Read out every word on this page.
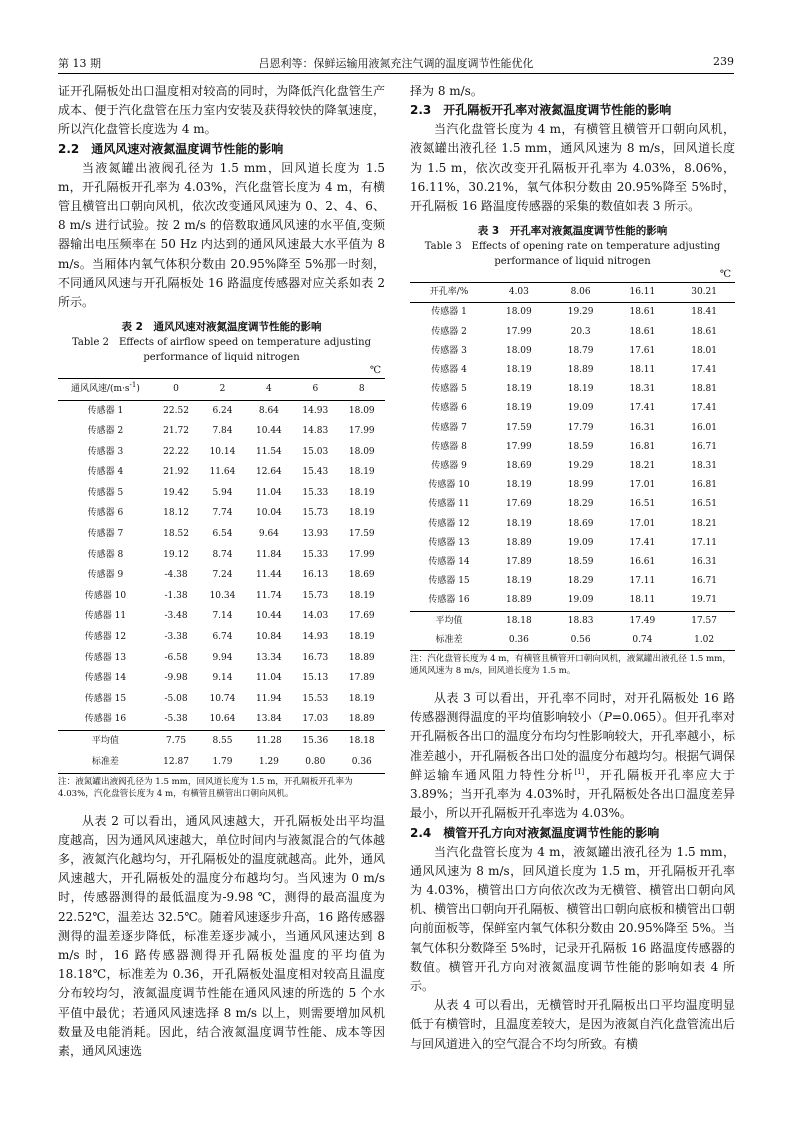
第 13 期	吕恩利等：保鲜运输用液氮充注气调的温度调节性能优化	239

证开孔隔板处出口温度相对较高的同时，为降低汽化盘管生产成本、便于汽化盘管在压力室内安装及获得较快的降氧速度，所以汽化盘管长度选为 4 m。

2.2　通风风速对液氮温度调节性能的影响

当液氮罐出液阀孔径为 1.5 mm，回风道长度为 1.5 m，开孔隔板开孔率为 4.03%，汽化盘管长度为 4 m，有横管且横管出口朝向风机，依次改变通风风速为 0、2、4、6、8 m/s 进行试验。按 2 m/s 的倍数取通风风速的水平值,变频器输出电压频率在 50 Hz 内达到的通风风速最大水平值为 8 m/s。当厢体内氧气体积分数由 20.95%降至 5%那一时刻，不同通风风速与开孔隔板处 16 路温度传感器对应关系如表 2 所示。

表 2　通风风速对液氮温度调节性能的影响
Table 2　Effects of airflow speed on temperature adjusting
performance of liquid nitrogen
℃
通风风速$/(m\cdot s^{-1})$	0	2	4	6	8
传感器 1	22.52	6.24	8.64	14.93	18.09
传感器 2	21.72	7.84	10.44	14.83	17.99
传感器 3	22.22	10.14	11.54	15.03	18.09
传感器 4	21.92	11.64	12.64	15.43	18.19
传感器 5	19.42	5.94	11.04	15.33	18.19
传感器 6	18.12	7.74	10.04	15.73	18.19
传感器 7	18.52	6.54	9.64	13.93	17.59
传感器 8	19.12	8.74	11.84	15.33	17.99
传感器 9	-4.38	7.24	11.44	16.13	18.69
传感器 10	-1.38	10.34	11.74	15.73	18.19
传感器 11	-3.48	7.14	10.44	14.03	17.69
传感器 12	-3.38	6.74	10.84	14.93	18.19
传感器 13	-6.58	9.94	13.34	16.73	18.89
传感器 14	-9.98	9.14	11.04	15.13	17.89
传感器 15	-5.08	10.74	11.94	15.53	18.19
传感器 16	-5.38	10.64	13.84	17.03	18.89
平均值	7.75	8.55	11.28	15.36	18.18
标准差	12.87	1.79	1.29	0.80	0.36
注：液氮罐出液阀孔径为 1.5 mm，回风道长度为 1.5 m，开孔隔板开孔率为 4.03%，汽化盘管长度为 4 m，有横管且横管出口朝向风机。

从表 2 可以看出，通风风速越大，开孔隔板处出平均温度越高，因为通风风速越大，单位时间内与液氮混合的气体越多，液氮汽化越均匀，开孔隔板处的温度就越高。此外，通风风速越大，开孔隔板处的温度分布越均匀。当风速为 0 m/s 时，传感器测得的最低温度为-9.98 ℃，测得的最高温度为 22.52℃，温差达 32.5℃。随着风速逐步升高，16 路传感器测得的温差逐步降低，标准差逐步减小，当通风风速达到 8 m/s 时，16 路传感器测得开孔隔板处温度的平均值为 18.18℃，标准差为 0.36，开孔隔板处温度相对较高且温度分布较均匀，液氮温度调节性能在通风风速的所选的 5 个水平值中最优；若通风风速选择 8 m/s 以上，则需要增加风机数量及电能消耗。因此，结合液氮温度调节性能、成本等因素，通风风速选

择为 8 m/s。

2.3　开孔隔板开孔率对液氮温度调节性能的影响

当汽化盘管长度为 4 m，有横管且横管开口朝向风机，液氮罐出液孔径 1.5 mm，通风风速为 8 m/s，回风道长度为 1.5 m，依次改变开孔隔板开孔率为 4.03%，8.06%，16.11%，30.21%，氧气体积分数由 20.95%降至 5%时，开孔隔板 16 路温度传感器的采集的数值如表 3 所示。

表 3　开孔率对液氮温度调节性能的影响
Table 3　Effects of opening rate on temperature adjusting
performance of liquid nitrogen
℃
开孔率/%	4.03	8.06	16.11	30.21
传感器 1	18.09	19.29	18.61	18.41
传感器 2	17.99	20.3	18.61	18.61
传感器 3	18.09	18.79	17.61	18.01
传感器 4	18.19	18.89	18.11	17.41
传感器 5	18.19	18.19	18.31	18.81
传感器 6	18.19	19.09	17.41	17.41
传感器 7	17.59	17.79	16.31	16.01
传感器 8	17.99	18.59	16.81	16.71
传感器 9	18.69	19.29	18.21	18.31
传感器 10	18.19	18.99	17.01	16.81
传感器 11	17.69	18.29	16.51	16.51
传感器 12	18.19	18.69	17.01	18.21
传感器 13	18.89	19.09	17.41	17.11
传感器 14	17.89	18.59	16.61	16.31
传感器 15	18.19	18.29	17.11	16.71
传感器 16	18.89	19.09	18.11	19.71
平均值	18.18	18.83	17.49	17.57
标准差	0.36	0.56	0.74	1.02
注：汽化盘管长度为 4 m，有横管且横管开口朝向风机，液氮罐出液孔径 1.5 mm，通风风速为 8 m/s，回风道长度为 1.5 m。

从表 3 可以看出，开孔率不同时，对开孔隔板处 16 路传感器测得温度的平均值影响较小（P=0.065）。但开孔率对开孔隔板各出口的温度分布均匀性影响较大，开孔率越小，标准差越小，开孔隔板各出口处的温度分布越均匀。根据气调保鲜运输车通风阻力特性分析[1]，开孔隔板开孔率应大于 3.89%；当开孔率为 4.03%时，开孔隔板处各出口温度差异最小，所以开孔隔板开孔率选为 4.03%。

2.4　横管开孔方向对液氮温度调节性能的影响

当汽化盘管长度为 4 m，液氮罐出液孔径为 1.5 mm，通风风速为 8 m/s，回风道长度为 1.5 m，开孔隔板开孔率为 4.03%，横管出口方向依次改为无横管、横管出口朝向风机、横管出口朝向开孔隔板、横管出口朝向底板和横管出口朝向前面板等，保鲜室内氧气体积分数由 20.95%降至 5%。当氧气体积分数降至 5%时，记录开孔隔板 16 路温度传感器的数值。横管开孔方向对液氮温度调节性能的影响如表 4 所示。

从表 4 可以看出，无横管时开孔隔板出口平均温度明显低于有横管时，且温度差较大，是因为液氮自汽化盘管流出后与回风道进入的空气混合不均匀所致。有横
